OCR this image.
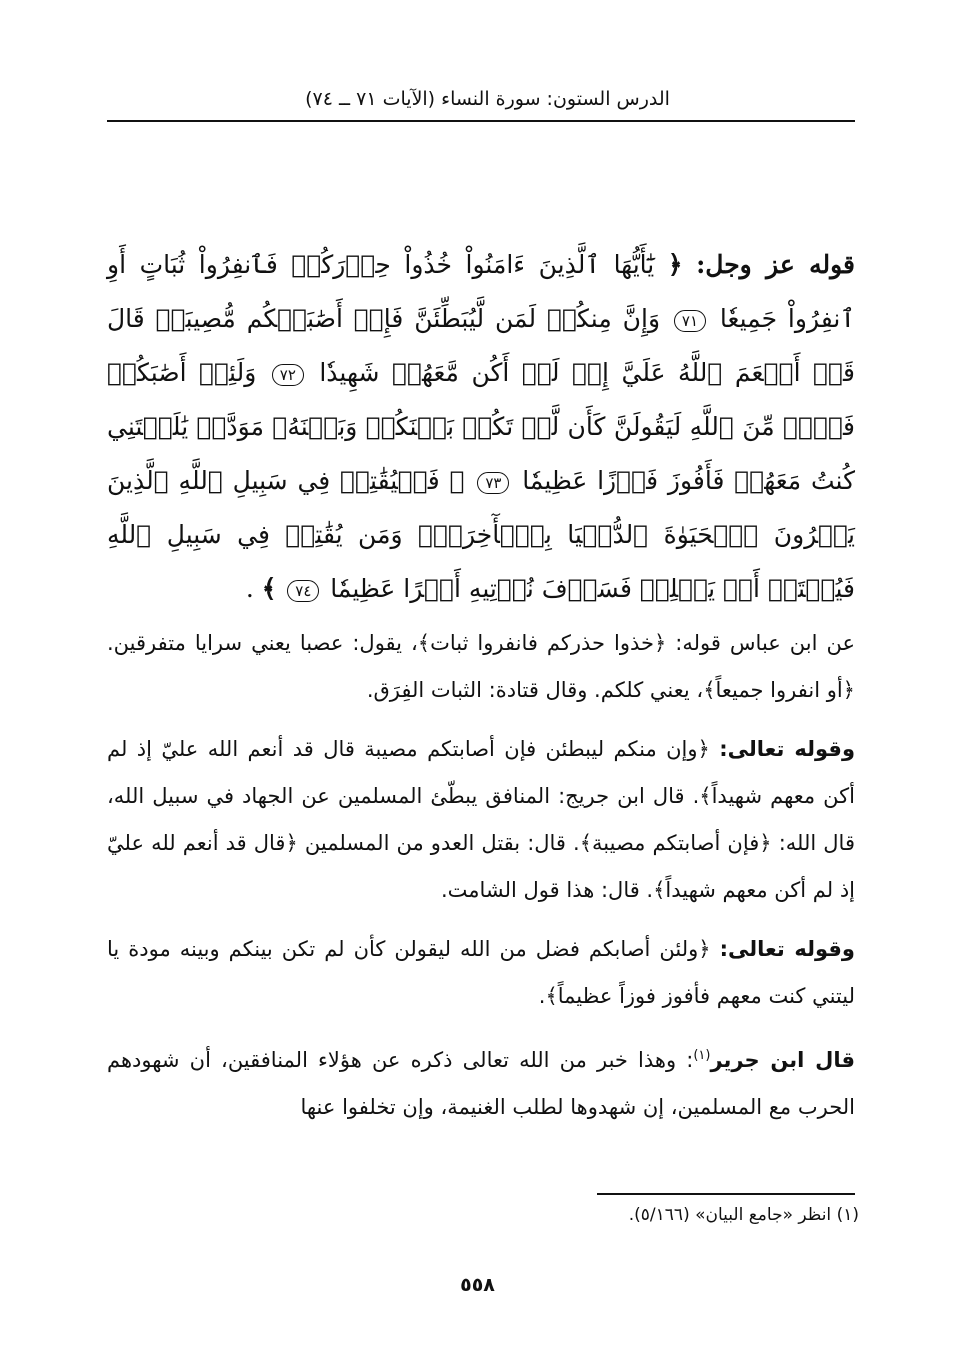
الدرس الستون: سورة النساء (الآيات ٧١ ــ ٧٤)

قوله عز وجل: ﴿ يَٰٓأَيُّهَا ٱلَّذِينَ ءَامَنُواْ خُذُواْ حِذۡرَكُمۡ فَٱنفِرُواْ ثُبَاتٍ أَوِ ٱنفِرُواْ جَمِيعٗا ٧١ وَإِنَّ مِنكُمۡ لَمَن لَّيُبَطِّئَنَّ فَإِنۡ أَصَٰبَتۡكُم مُّصِيبَةٞ قَالَ قَدۡ أَنۡعَمَ ٱللَّهُ عَلَيَّ إِذۡ لَمۡ أَكُن مَّعَهُمۡ شَهِيدٗا ٧٢ وَلَئِنۡ أَصَٰبَكُمۡ فَضۡلٞ مِّنَ ٱللَّهِ لَيَقُولَنَّ كَأَن لَّمۡ تَكُنۢ بَيۡنَكُمۡ وَبَيۡنَهُۥ مَوَدَّةٞ يَٰلَيۡتَنِي كُنتُ مَعَهُمۡ فَأَفُوزَ فَوۡزًا عَظِيمٗا ٧٣ ۞ فَلۡيُقَٰتِلۡ فِي سَبِيلِ ٱللَّهِ ٱلَّذِينَ يَشۡرُونَ ٱلۡحَيَوٰةَ ٱلدُّنۡيَا بِٱلۡأٓخِرَةِۚ وَمَن يُقَٰتِلۡ فِي سَبِيلِ ٱللَّهِ فَيُقۡتَلۡ أَوۡ يَغۡلِبۡ فَسَوۡفَ نُؤۡتِيهِ أَجۡرًا عَظِيمٗا ٧٤ ﴾ .

عن ابن عباس قوله: ﴿خذوا حذركم فانفروا ثبات﴾، يقول: عصبا يعني سرايا متفرقين. ﴿أو انفروا جميعاً﴾، يعني كلكم. وقال قتادة: الثبات الفِرَق.

وقوله تعالى: ﴿وإن منكم ليبطئن فإن أصابتكم مصيبة قال قد أنعم الله عليّ إذ لم أكن معهم شهيداً﴾. قال ابن جريج: المنافق يبطّئ المسلمين عن الجهاد في سبيل الله، قال الله: ﴿فإن أصابتكم مصيبة﴾. قال: بقتل العدو من المسلمين ﴿قال قد أنعم لله عليّ إذ لم أكن معهم شهيداً﴾. قال: هذا قول الشامت.

وقوله تعالى: ﴿ولئن أصابكم فضل من الله ليقولن كأن لم تكن بينكم وبينه مودة يا ليتني كنت معهم فأفوز فوزاً عظيماً﴾.

قال ابن جرير$^{(١)}$: وهذا خبر من الله تعالى ذكره عن هؤلاء المنافقين، أن شهودهم الحرب مع المسلمين، إن شهدوها لطلب الغنيمة، وإن تخلفوا عنها

(١) انظر «جامع البيان» (٥/١٦٦).
٥٥٨
